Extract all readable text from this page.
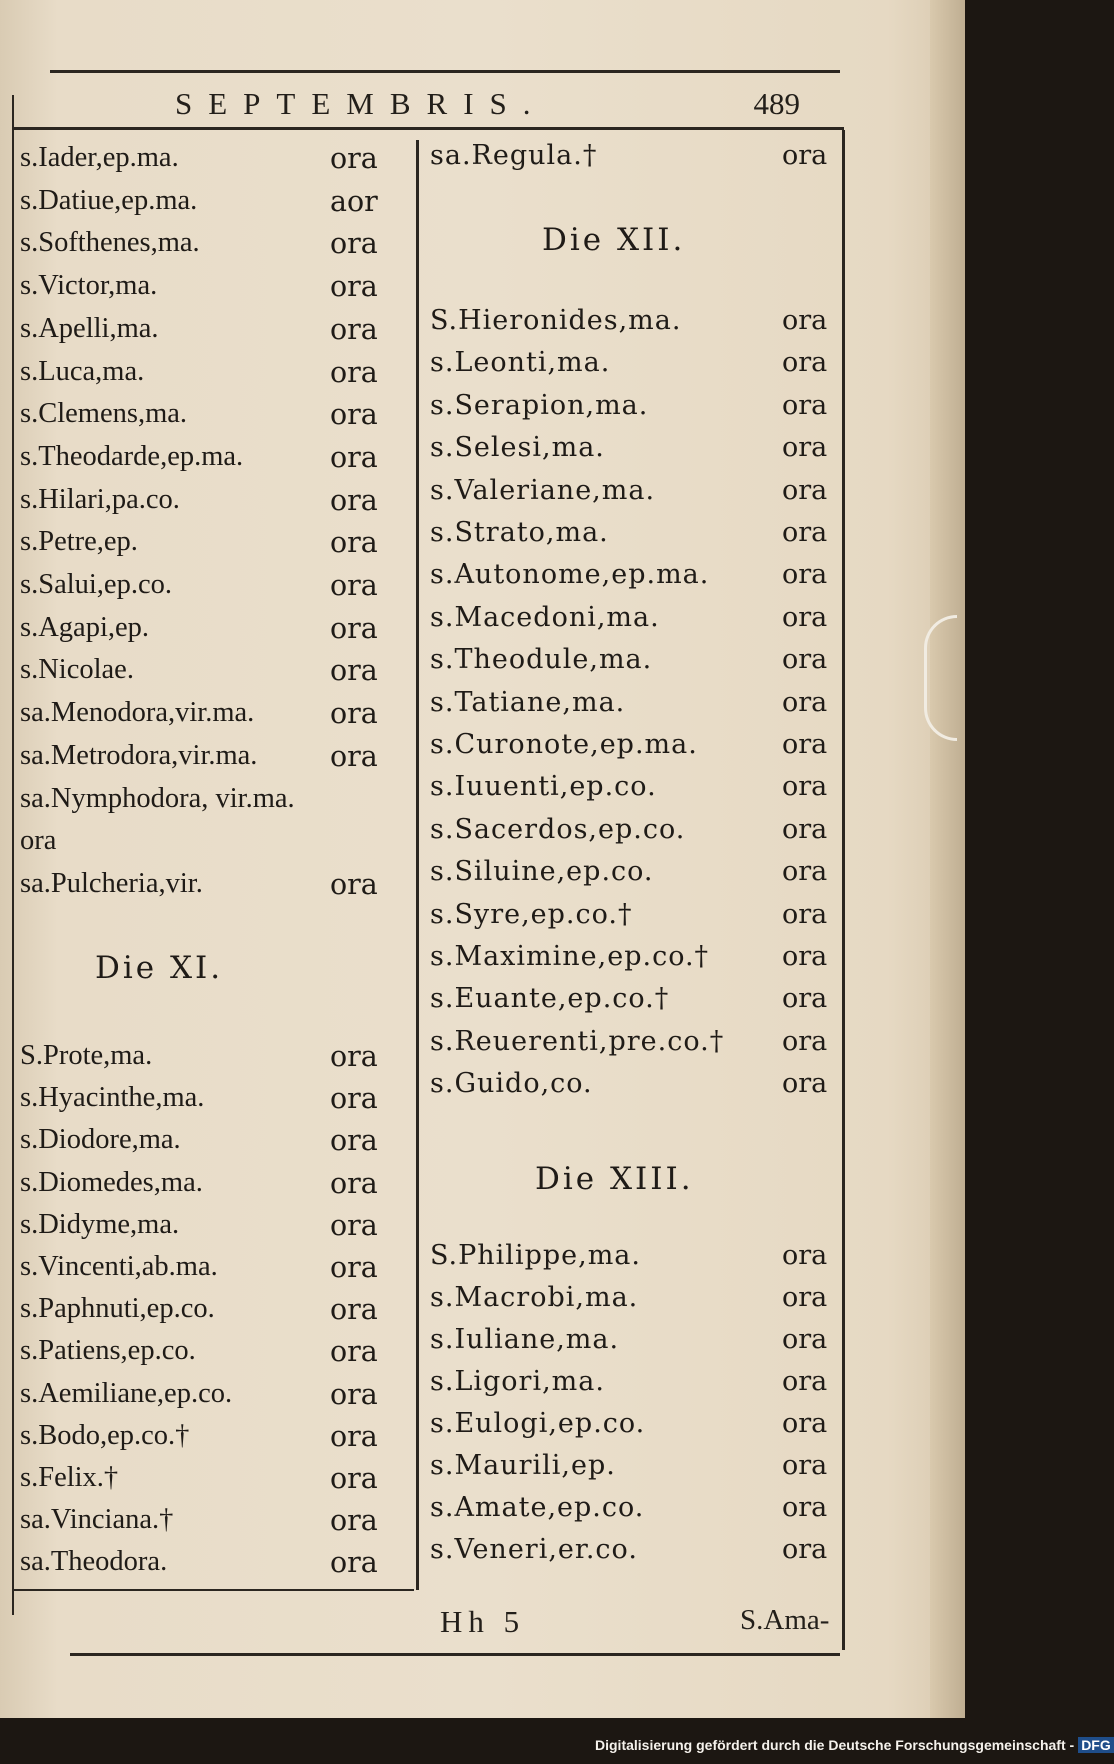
SEPTEMBRIS.	489
Die XI.
s.Iader,ep.ma.	ora
s.Datiue,ep.ma.	aor
s.Softhenes,ma.	ora
s.Victor,ma.	ora
s.Apelli,ma.	ora
s.Luca,ma.	ora
s.Clemens,ma.	ora
s.Theodarde,ep.ma.	ora
s.Hilari,pa.co.	ora
s.Petre,ep.	ora
s.Salui,ep.co.	ora
s.Agapi,ep.	ora
s.Nicolae.	ora
sa.Menodora,vir.ma.	ora
sa.Metrodora,vir.ma.	ora
sa.Nymphodora, vir.ma.
ora
sa.Pulcheria,vir.	ora
S.Prote,ma.	ora
s.Hyacinthe,ma.	ora
s.Diodore,ma.	ora
s.Diomedes,ma.	ora
s.Didyme,ma.	ora
s.Vincenti,ab.ma.	ora
s.Paphnuti,ep.co.	ora
s.Patiens,ep.co.	ora
s.Aemiliane,ep.co.	ora
s.Bodo,ep.co.†	ora
s.Felix.†	ora
sa.Vinciana.†	ora
sa.Theodora.	ora
Die XII.
Die XIII.
sa.Regula.†	ora
S.Hieronides,ma.	ora
s.Leonti,ma.	ora
s.Serapion,ma.	ora
s.Selesi,ma.	ora
s.Valeriane,ma.	ora
s.Strato,ma.	ora
s.Autonome,ep.ma.	ora
s.Macedoni,ma.	ora
s.Theodule,ma.	ora
s.Tatiane,ma.	ora
s.Curonote,ep.ma.	ora
s.Iuuenti,ep.co.	ora
s.Sacerdos,ep.co.	ora
s.Siluine,ep.co.	ora
s.Syre,ep.co.†	ora
s.Maximine,ep.co.†	ora
s.Euante,ep.co.†	ora
s.Reuerenti,pre.co.† ora
s.Guido,co.	ora
S.Philippe,ma.	ora
s.Macrobi,ma.	ora
s.Iuliane,ma.	ora
s.Ligori,ma.	ora
s.Eulogi,ep.co.	ora
s.Maurili,ep.	ora
s.Amate,ep.co.	ora
s.Veneri,er.co.	ora
Hh 5	S.Ama-
Digitalisierung gefördert durch die Deutsche Forschungsgemeinschaft - DFG
